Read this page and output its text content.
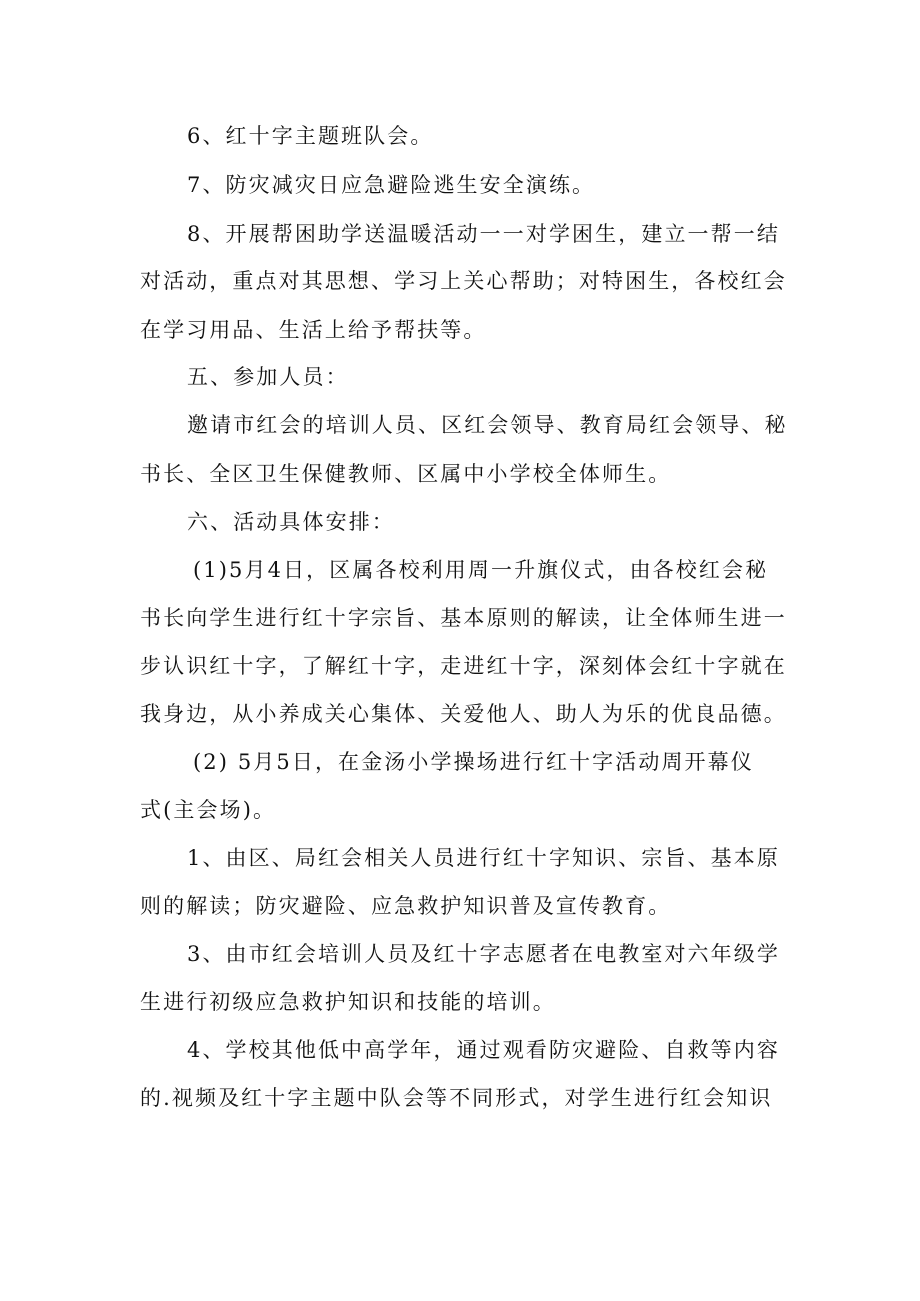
6、红十字主题班队会。
7、防灾减灾日应急避险逃生安全演练。
8、开展帮困助学送温暖活动一一对学困生，建立一帮一结
对活动，重点对其思想、学习上关心帮助；对特困生，各校红会
在学习用品、生活上给予帮扶等。
五、参加人员：
邀请市红会的培训人员、区红会领导、教育局红会领导、秘
书长、全区卫生保健教师、区属中小学校全体师生。
六、活动具体安排：
(1)5月4日，区属各校利用周一升旗仪式，由各校红会秘
书长向学生进行红十字宗旨、基本原则的解读，让全体师生进一
步认识红十字，了解红十字，走进红十字，深刻体会红十字就在
我身边，从小养成关心集体、关爱他人、助人为乐的优良品德。
(2) 5月5日，在金汤小学操场进行红十字活动周开幕仪
式(主会场)。
1、由区、局红会相关人员进行红十字知识、宗旨、基本原
则的解读；防灾避险、应急救护知识普及宣传教育。
3、由市红会培训人员及红十字志愿者在电教室对六年级学
生进行初级应急救护知识和技能的培训。
4、学校其他低中高学年，通过观看防灾避险、自救等内容
的.视频及红十字主题中队会等不同形式，对学生进行红会知识
